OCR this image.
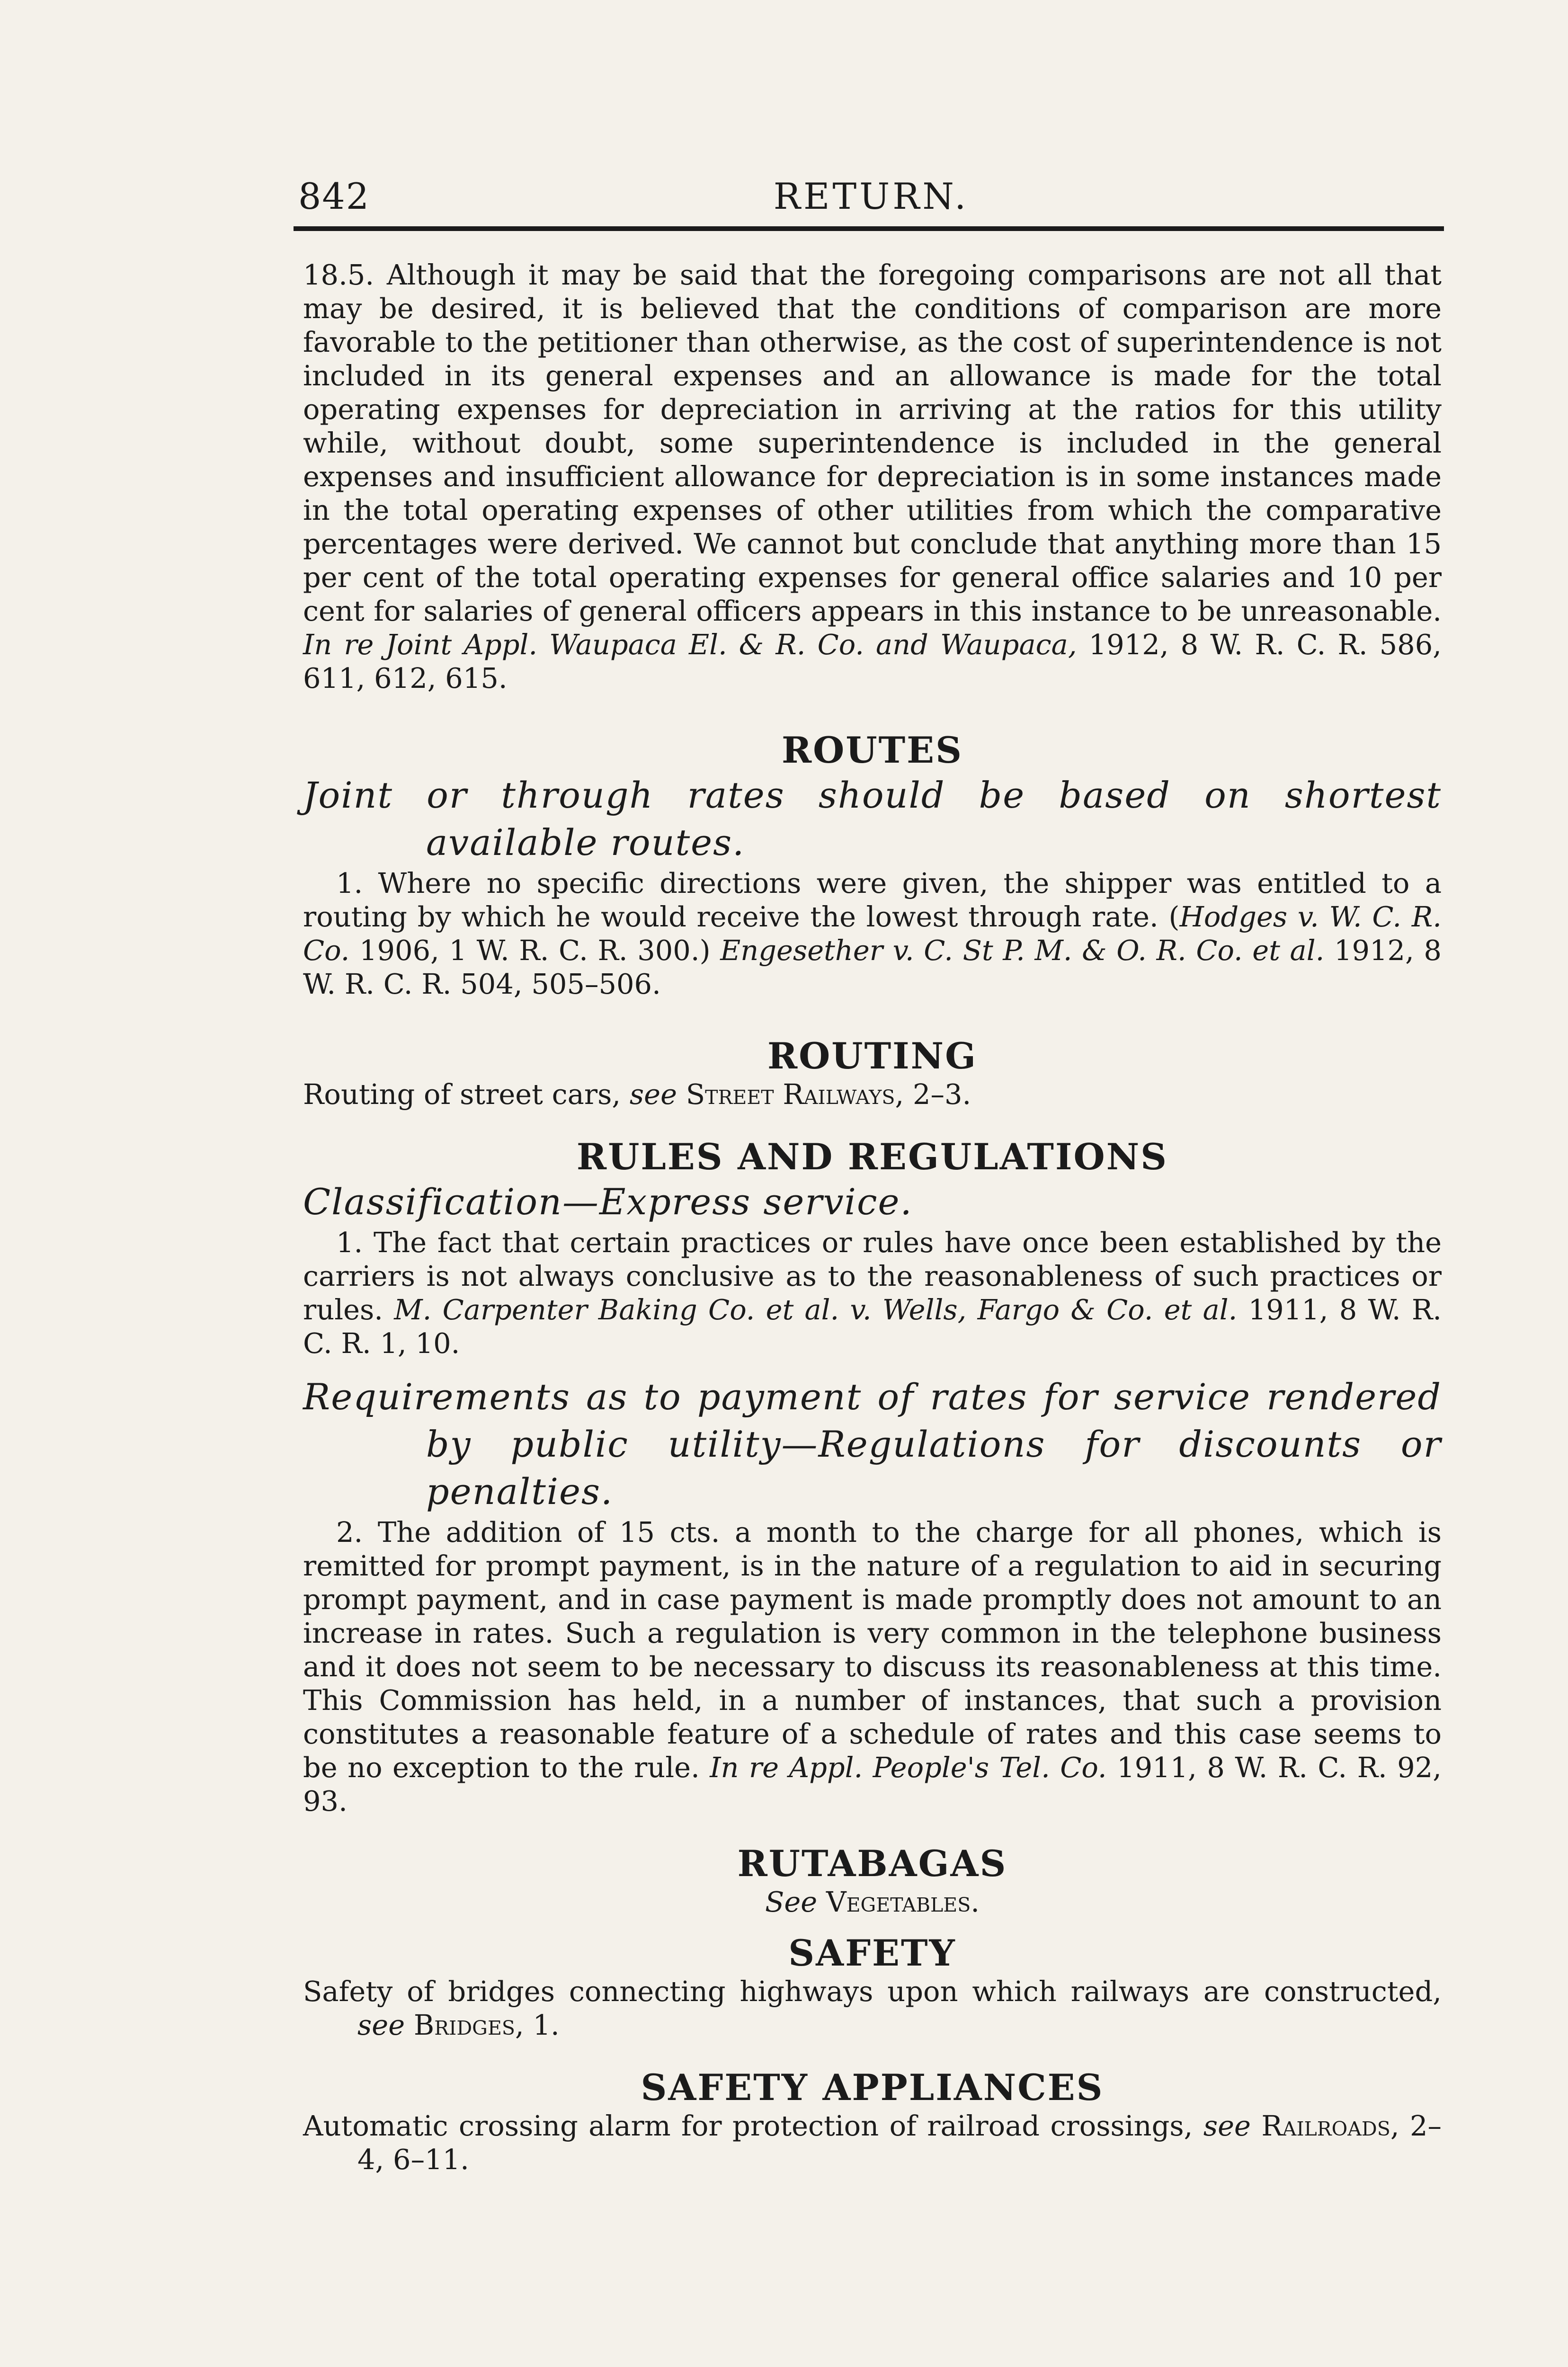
842	RETURN.

18.5. Although it may be said that the foregoing comparisons are not all that may be desired, it is believed that the conditions of comparison are more favorable to the petitioner than otherwise, as the cost of superintendence is not included in its general expenses and an allowance is made for the total operating expenses for depreciation in arriving at the ratios for this utility while, without doubt, some superintendence is included in the general expenses and insufficient allowance for depreciation is in some instances made in the total operating expenses of other utilities from which the comparative percentages were derived. We cannot but conclude that anything more than 15 per cent of the total operating expenses for general office salaries and 10 per cent for salaries of general officers appears in this instance to be unreasonable. In re Joint Appl. Waupaca El. & R. Co. and Waupaca, 1912, 8 W. R. C. R. 586, 611, 612, 615.

ROUTES

Joint or through rates should be based on shortest available routes.

1. Where no specific directions were given, the shipper was entitled to a routing by which he would receive the lowest through rate. (Hodges v. W. C. R. Co. 1906, 1 W. R. C. R. 300.) Engesether v. C. St P. M. & O. R. Co. et al. 1912, 8 W. R. C. R. 504, 505–506.

ROUTING

Routing of street cars, see Street Railways, 2–3.

RULES AND REGULATIONS

Classification—Express service.

1. The fact that certain practices or rules have once been established by the carriers is not always conclusive as to the reasonableness of such practices or rules. M. Carpenter Baking Co. et al. v. Wells, Fargo & Co. et al. 1911, 8 W. R. C. R. 1, 10.

Requirements as to payment of rates for service rendered by public utility—Regulations for discounts or penalties.

2. The addition of 15 cts. a month to the charge for all phones, which is remitted for prompt payment, is in the nature of a regulation to aid in securing prompt payment, and in case payment is made promptly does not amount to an increase in rates. Such a regulation is very common in the telephone business and it does not seem to be necessary to discuss its reasonableness at this time. This Commission has held, in a number of instances, that such a provision constitutes a reasonable feature of a schedule of rates and this case seems to be no exception to the rule. In re Appl. People's Tel. Co. 1911, 8 W. R. C. R. 92, 93.

RUTABAGAS

See Vegetables.

SAFETY

Safety of bridges connecting highways upon which railways are constructed, see Bridges, 1.

SAFETY APPLIANCES

Automatic crossing alarm for protection of railroad crossings, see Railroads, 2–4, 6–11.
